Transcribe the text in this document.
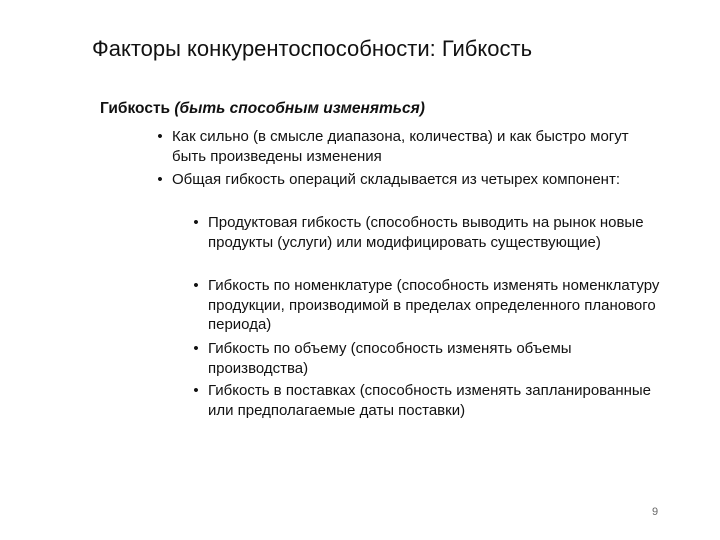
Факторы конкурентоспособности: Гибкость
Гибкость (быть способным изменяться)
• Как сильно (в смысле диапазона, количества) и как быстро могут быть произведены изменения
• Общая гибкость операций складывается из четырех компонент:
• Продуктовая гибкость (способность выводить на рынок новые продукты (услуги) или модифицировать существующие)
• Гибкость по номенклатуре (способность изменять номенклатуру продукции, производимой в пределах определенного планового периода)
• Гибкость по объему (способность изменять объемы производства)
• Гибкость в поставках (способность изменять запланированные или предполагаемые даты поставки)
9
